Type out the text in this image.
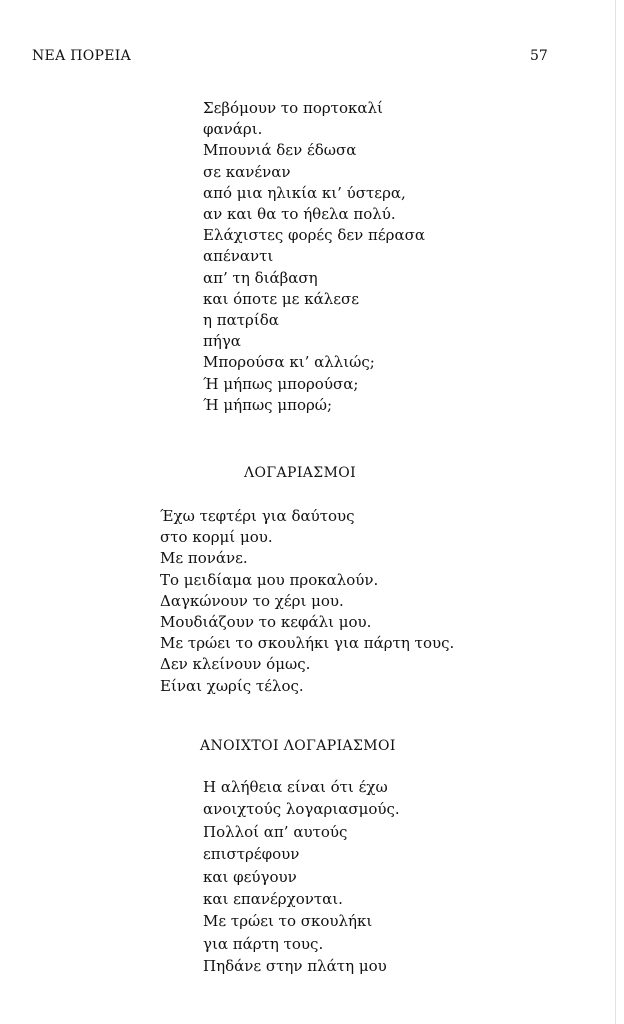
ΝΕΑ ΠΟΡΕΙΑ	57
Σεβόμουν το πορτοκαλί
φανάρι.
Μπουνιά δεν έδωσα
σε κανέναν
από μια ηλικία κι’ ύστερα,
αν και θα το ήθελα πολύ.
Ελάχιστες φορές δεν πέρασα
απέναντι
απ’ τη διάβαση
και όποτε με κάλεσε
η πατρίδα
πήγα
Μπορούσα κι’ αλλιώς;
Ή μήπως μπορούσα;
Ή μήπως μπορώ;
ΛΟΓΑΡΙΑΣΜΟΙ
Έχω τεφτέρι για δαύτους
στο κορμί μου.
Με πονάνε.
Το μειδίαμα μου προκαλούν.
Δαγκώνουν το χέρι μου.
Μουδιάζουν το κεφάλι μου.
Με τρώει το σκουλήκι για πάρτη τους.
Δεν κλείνουν όμως.
Είναι χωρίς τέλος.
ΑΝΟΙΧΤΟΙ ΛΟΓΑΡΙΑΣΜΟΙ
Η αλήθεια είναι ότι έχω
ανοιχτούς λογαριασμούς.
Πολλοί απ’ αυτούς
επιστρέφουν
και φεύγουν
και επανέρχονται.
Με τρώει το σκουλήκι
για πάρτη τους.
Πηδάνε στην πλάτη μου
